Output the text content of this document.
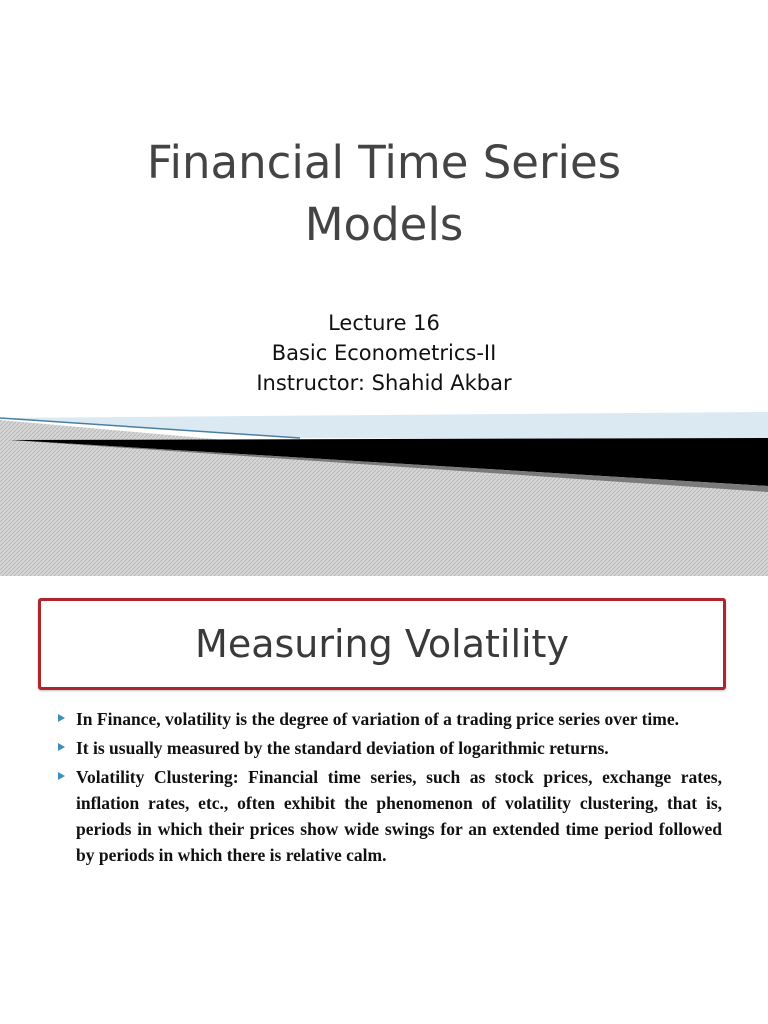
Financial Time Series
Models
Lecture 16
Basic Econometrics-II
Instructor: Shahid Akbar
Measuring Volatility
In Finance, volatility is the degree of variation of a trading price series over time.
It is usually measured by the standard deviation of logarithmic returns.
Volatility Clustering: Financial time series, such as stock prices, exchange rates, inflation rates, etc., often exhibit the phenomenon of volatility clustering, that is, periods in which their prices show wide swings for an extended time period followed by periods in which there is relative calm.
